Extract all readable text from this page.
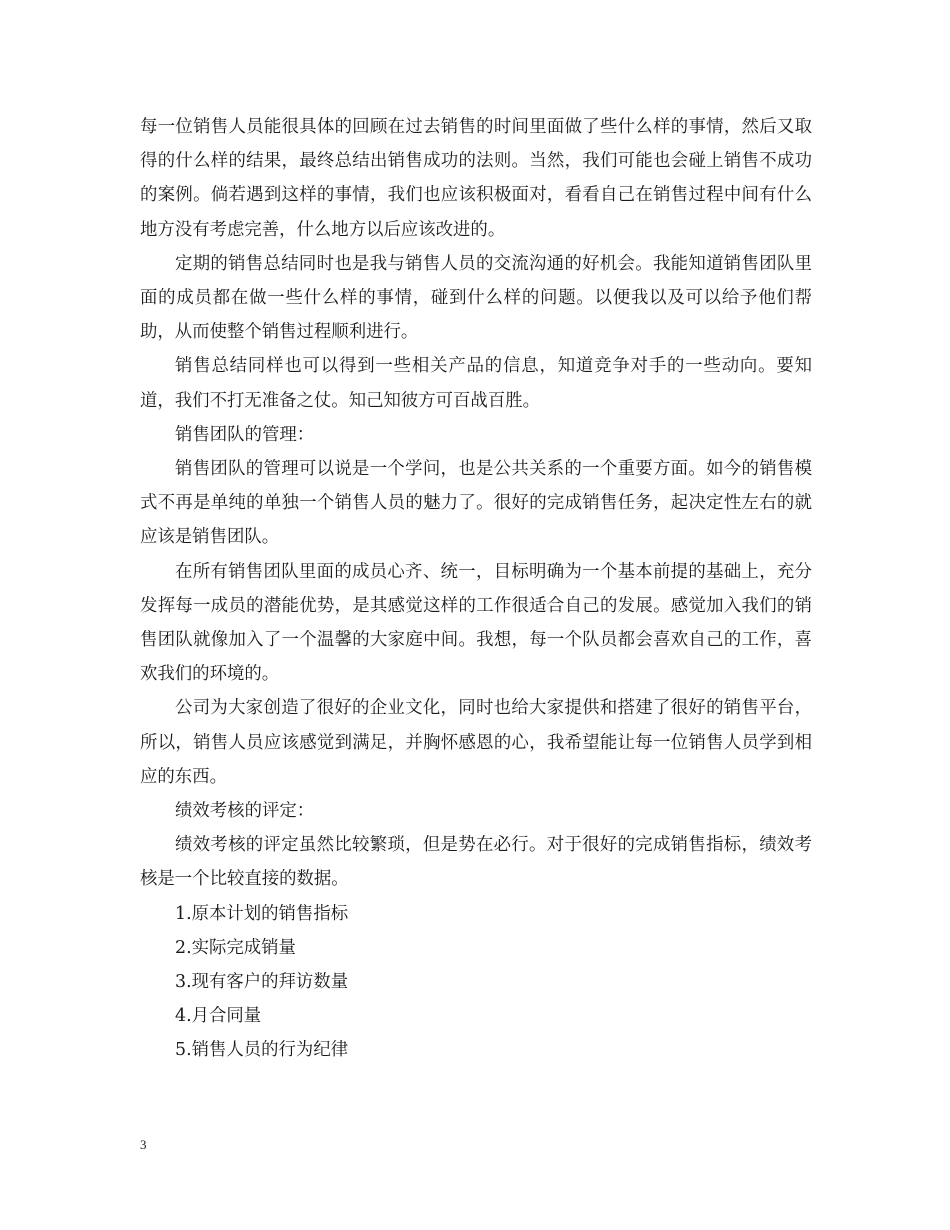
每一位销售人员能很具体的回顾在过去销售的时间里面做了些什么样的事情，然后又取得的什么样的结果，最终总结出销售成功的法则。当然，我们可能也会碰上销售不成功的案例。倘若遇到这样的事情，我们也应该积极面对，看看自己在销售过程中间有什么地方没有考虑完善，什么地方以后应该改进的。

定期的销售总结同时也是我与销售人员的交流沟通的好机会。我能知道销售团队里面的成员都在做一些什么样的事情，碰到什么样的问题。以便我以及可以给予他们帮助，从而使整个销售过程顺利进行。

销售总结同样也可以得到一些相关产品的信息，知道竞争对手的一些动向。要知道，我们不打无准备之仗。知己知彼方可百战百胜。

销售团队的管理：

销售团队的管理可以说是一个学问，也是公共关系的一个重要方面。如今的销售模式不再是单纯的单独一个销售人员的魅力了。很好的完成销售任务，起决定性左右的就应该是销售团队。

在所有销售团队里面的成员心齐、统一，目标明确为一个基本前提的基础上，充分发挥每一成员的潜能优势，是其感觉这样的工作很适合自己的发展。感觉加入我们的销售团队就像加入了一个温馨的大家庭中间。我想，每一个队员都会喜欢自己的工作，喜欢我们的环境的。

公司为大家创造了很好的企业文化，同时也给大家提供和搭建了很好的销售平台，所以，销售人员应该感觉到满足，并胸怀感恩的心，我希望能让每一位销售人员学到相应的东西。

绩效考核的评定：

绩效考核的评定虽然比较繁琐，但是势在必行。对于很好的完成销售指标，绩效考核是一个比较直接的数据。

1.原本计划的销售指标

2.实际完成销量

3.现有客户的拜访数量

4.月合同量

5.销售人员的行为纪律

3
